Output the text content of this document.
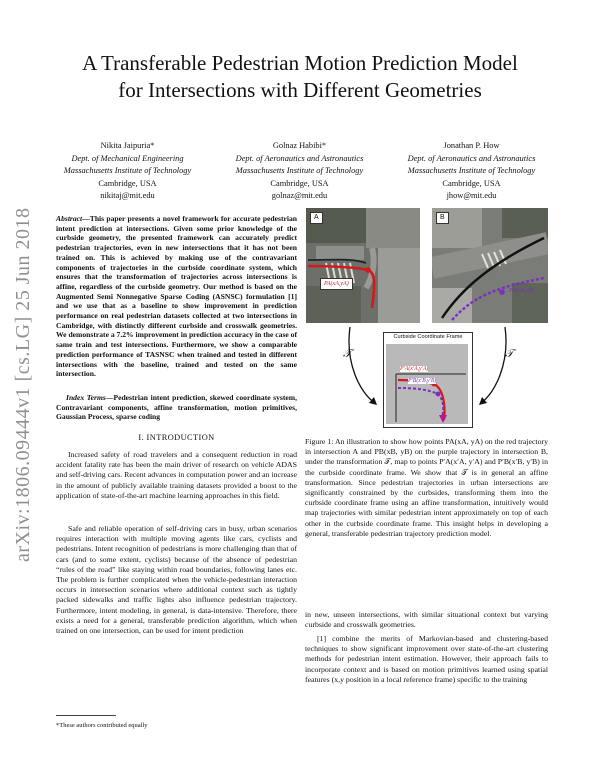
arXiv:1806.09444v1 [cs.LG] 25 Jun 2018
A Transferable Pedestrian Motion Prediction Model
for Intersections with Different Geometries
Nikita Jaipuria*
Dept. of Mechanical Engineering
Massachusetts Institute of Technology
Cambridge, USA
nikitaj@mit.edu
Golnaz Habibi*
Dept. of Aeronautics and Astronautics
Massachusetts Institute of Technology
Cambridge, USA
golnaz@mit.edu
Jonathan P. How
Dept. of Aeronautics and Astronautics
Massachusetts Institute of Technology
Cambridge, USA
jhow@mit.edu
Abstract—This paper presents a novel framework for accurate pedestrian intent prediction at intersections. Given some prior knowledge of the curbside geometry, the presented framework can accurately predict pedestrian trajectories, even in new intersections that it has not been trained on. This is achieved by making use of the contravariant components of trajectories in the curbside coordinate system, which ensures that the transformation of trajectories across intersections is affine, regardless of the curbside geometry. Our method is based on the Augmented Semi Nonnegative Sparse Coding (ASNSC) formulation [1] and we use that as a baseline to show improvement in prediction performance on real pedestrian datasets collected at two intersections in Cambridge, with distinctly different curbside and crosswalk geometries. We demonstrate a 7.2% improvement in prediction accuracy in the case of same train and test intersections. Furthermore, we show a comparable prediction performance of TASNSC when trained and tested in different intersections with the baseline, trained and tested on the same intersection.
Index Terms—Pedestrian intent prediction, skewed coordinate system, Contravariant components, affine transformation, motion primitives, Gaussian Process, sparse coding
I. INTRODUCTION
Increased safety of road travelers and a consequent reduction in road accident fatality rate has been the main driver of research on vehicle ADAS and self-driving cars. Recent advances in computation power and an increase in the amount of publicly available training datasets provided a boost to the application of state-of-the-art machine learning approaches in this field.
Safe and reliable operation of self-driving cars in busy, urban scenarios requires interaction with multiple moving agents like cars, cyclists and pedestrians. Intent recognition of pedestrians is more challenging than that of cars (and to some extent, cyclists) because of the absence of pedestrian “rules of the road” like staying within road boundaries, following lanes etc. The problem is further complicated when the vehicle-pedestrian interaction occurs in intersection scenarios where additional context such as tightly packed sidewalks and traffic lights also influence pedestrian trajectory. Furthermore, intent modeling, in general, is data-intensive. Therefore, there exists a need for a general, transferable prediction algorithm, which when trained on one intersection, can be used for intent prediction
*These authors contributed equally
A
PA(xA,yA)
B
PB(xB,yB)
𝒯	𝒯
Curbside Coordinate Frame
P'A(x'A,y'A)
P'B(x'B,y'B)
Figure 1: An illustration to show how points PA(xA, yA) on the red trajectory in intersection A and PB(xB, yB) on the purple trajectory in intersection B, under the transformation 𝒯, map to points P′A(x′A, y′A) and P′B(x′B, y′B) in the curbside coordinate frame. We show that 𝒯 is in general an affine transformation. Since pedestrian trajectories in urban intersections are significantly constrained by the curbsides, transforming them into the curbside coordinate frame using an affine transformation, intuitively would map trajectories with similar pedestrian intent approximately on top of each other in the curbside coordinate frame. This insight helps in developing a general, transferable pedestrian trajectory prediction model.
in new, unseen intersections, with similar situational context but varying curbside and crosswalk geometries.
[1] combine the merits of Markovian-based and clustering-based techniques to show significant improvement over state-of-the-art clustering methods for pedestrian intent estimation. However, their approach fails to incorporate context and is based on motion primitives learned using spatial features (x,y position in a local reference frame) specific to the training
